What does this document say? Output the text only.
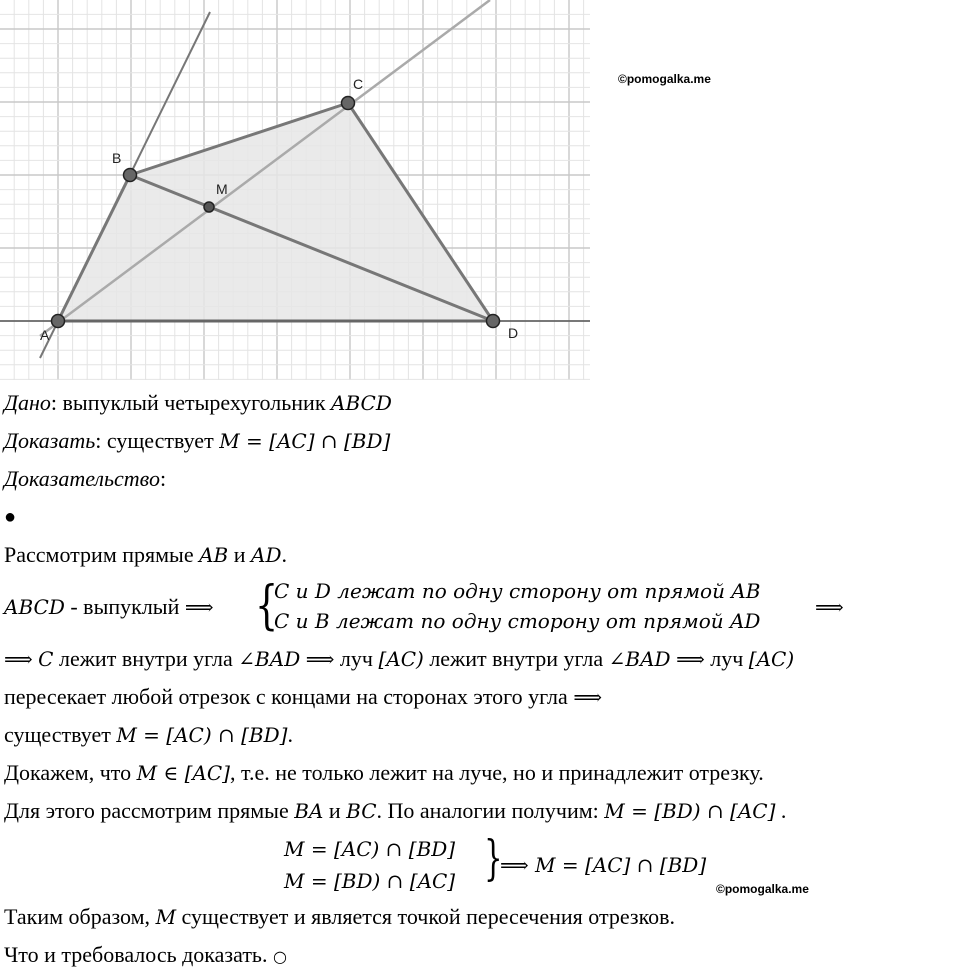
A
B
C
D
M
©pomogalka.me
Дано: выпуклый четырехугольник ABCD
Доказать: существует M = [AC] ∩ [BD]
Доказательство:
●
Рассмотрим прямые AB и AD.
ABCD - выпуклый ⟹ {
C и D лежат по одну сторону от прямой AB
C и B лежат по одну сторону от прямой AD
⟹
⟹ C лежит внутри угла ∠BAD ⟹ луч [AC) лежит внутри угла ∠BAD ⟹ луч [AC)
пересекает любой отрезок с концами на сторонах этого угла ⟹
существует M = [AC) ∩ [BD].
Докажем, что M ∈ [AC], т.е. не только лежит на луче, но и принадлежит отрезку.
Для этого рассмотрим прямые BA и BC. По аналогии получим: M = [BD) ∩ [AC] .
M = [AC) ∩ [BD]
M = [BD) ∩ [AC] }
⟹ M = [AC] ∩ [BD]
©pomogalka.me
Таким образом, M существует и является точкой пересечения отрезков.
Что и требовалось доказать. ○
